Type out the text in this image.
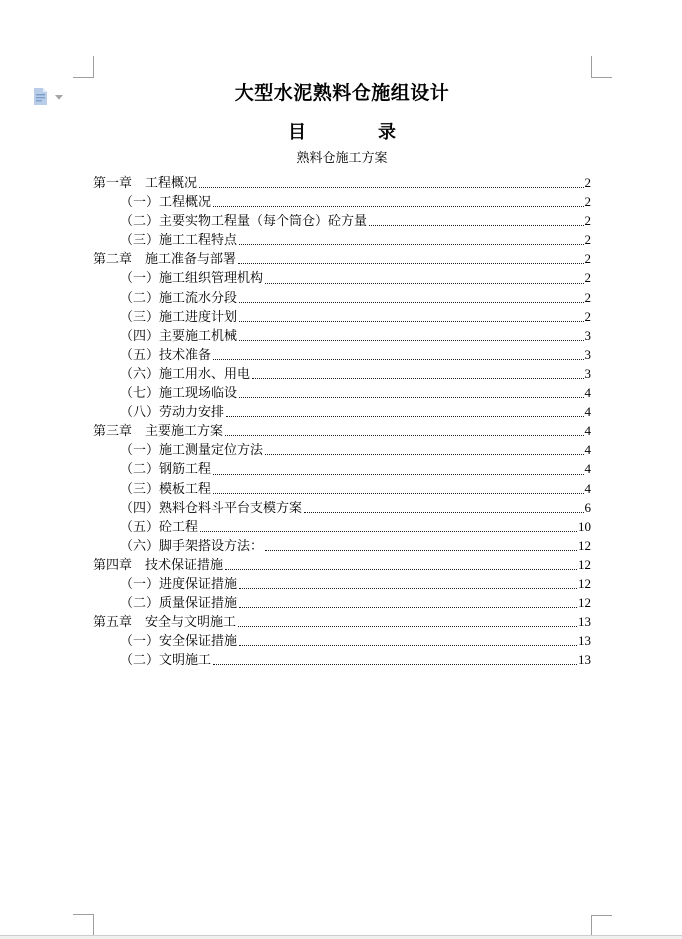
大型水泥熟料仓施组设计
目　　　　录
熟料仓施工方案
第一章　工程概况	2
（一）工程概况	2
（二）主要实物工程量（每个筒仓）砼方量	2
（三）施工工程特点	2
第二章　施工准备与部署	2
（一）施工组织管理机构	2
（二）施工流水分段	2
（三）施工进度计划	2
（四）主要施工机械	3
（五）技术准备	3
（六）施工用水、用电	3
（七）施工现场临设	4
（八）劳动力安排	4
第三章　主要施工方案	4
（一）施工测量定位方法	4
（二）钢筋工程	4
（三）模板工程	4
（四）熟料仓料斗平台支模方案	6
（五）砼工程	10
（六）脚手架搭设方法：	12
第四章　技术保证措施	12
（一）进度保证措施	12
（二）质量保证措施	12
第五章　安全与文明施工	13
（一）安全保证措施	13
（二）文明施工	13
